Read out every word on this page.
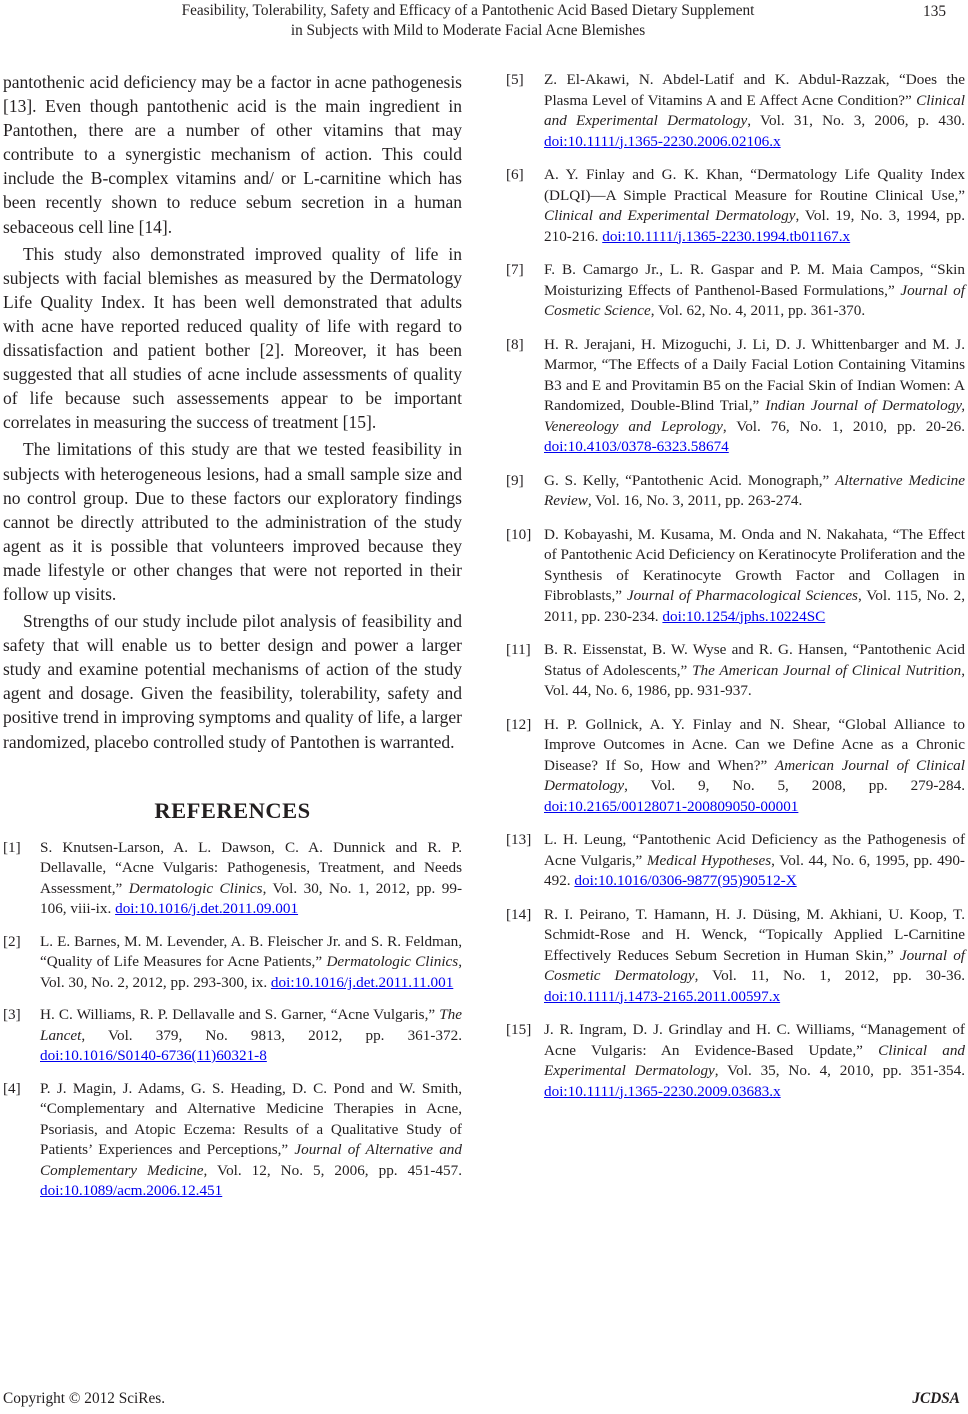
Feasibility, Tolerability, Safety and Efficacy of a Pantothenic Acid Based Dietary Supplement
in Subjects with Mild to Moderate Facial Acne Blemishes
135

pantothenic acid deficiency may be a factor in acne pathogenesis [13]. Even though pantothenic acid is the main ingredient in Pantothen, there are a number of other vitamins that may contribute to a synergistic mechanism of action. This could include the B-complex vitamins and/ or L-carnitine which has been recently shown to reduce sebum secretion in a human sebaceous cell line [14].

This study also demonstrated improved quality of life in subjects with facial blemishes as measured by the Dermatology Life Quality Index. It has been well demonstrated that adults with acne have reported reduced quality of life with regard to dissatisfaction and patient bother [2]. Moreover, it has been suggested that all studies of acne include assessments of quality of life because such assessements appear to be important correlates in measuring the success of treatment [15].

The limitations of this study are that we tested feasibility in subjects with heterogeneous lesions, had a small sample size and no control group. Due to these factors our exploratory findings cannot be directly attributed to the administration of the study agent as it is possible that volunteers improved because they made lifestyle or other changes that were not reported in their follow up visits.

Strengths of our study include pilot analysis of feasibility and safety that will enable us to better design and power a larger study and examine potential mechanisms of action of the study agent and dosage. Given the feasibility, tolerability, safety and positive trend in improving symptoms and quality of life, a larger randomized, placebo controlled study of Pantothen is warranted.

REFERENCES
[1]	S. Knutsen-Larson, A. L. Dawson, C. A. Dunnick and R. P. Dellavalle, “Acne Vulgaris: Pathogenesis, Treatment, and Needs Assessment,” Dermatologic Clinics, Vol. 30, No. 1, 2012, pp. 99-106, viii-ix. doi:10.1016/j.det.2011.09.001
[2]	L. E. Barnes, M. M. Levender, A. B. Fleischer Jr. and S. R. Feldman, “Quality of Life Measures for Acne Patients,” Dermatologic Clinics, Vol. 30, No. 2, 2012, pp. 293-300, ix. doi:10.1016/j.det.2011.11.001
[3]	H. C. Williams, R. P. Dellavalle and S. Garner, “Acne Vulgaris,” The Lancet, Vol. 379, No. 9813, 2012, pp. 361-372. doi:10.1016/S0140-6736(11)60321-8
[4]	P. J. Magin, J. Adams, G. S. Heading, D. C. Pond and W. Smith, “Complementary and Alternative Medicine Therapies in Acne, Psoriasis, and Atopic Eczema: Results of a Qualitative Study of Patients’ Experiences and Perceptions,” Journal of Alternative and Complementary Medicine, Vol. 12, No. 5, 2006, pp. 451-457. doi:10.1089/acm.2006.12.451
[5]	Z. El-Akawi, N. Abdel-Latif and K. Abdul-Razzak, “Does the Plasma Level of Vitamins A and E Affect Acne Condition?” Clinical and Experimental Dermatology, Vol. 31, No. 3, 2006, p. 430. doi:10.1111/j.1365-2230.2006.02106.x
[6]	A. Y. Finlay and G. K. Khan, “Dermatology Life Quality Index (DLQI)—A Simple Practical Measure for Routine Clinical Use,” Clinical and Experimental Dermatology, Vol. 19, No. 3, 1994, pp. 210-216. doi:10.1111/j.1365-2230.1994.tb01167.x
[7]	F. B. Camargo Jr., L. R. Gaspar and P. M. Maia Campos, “Skin Moisturizing Effects of Panthenol-Based Formulations,” Journal of Cosmetic Science, Vol. 62, No. 4, 2011, pp. 361-370.
[8]	H. R. Jerajani, H. Mizoguchi, J. Li, D. J. Whittenbarger and M. J. Marmor, “The Effects of a Daily Facial Lotion Containing Vitamins B3 and E and Provitamin B5 on the Facial Skin of Indian Women: A Randomized, Double-Blind Trial,” Indian Journal of Dermatology, Venereology and Leprology, Vol. 76, No. 1, 2010, pp. 20-26. doi:10.4103/0378-6323.58674
[9]	G. S. Kelly, “Pantothenic Acid. Monograph,” Alternative Medicine Review, Vol. 16, No. 3, 2011, pp. 263-274.
[10] D. Kobayashi, M. Kusama, M. Onda and N. Nakahata, “The Effect of Pantothenic Acid Deficiency on Keratinocyte Proliferation and the Synthesis of Keratinocyte Growth Factor and Collagen in Fibroblasts,” Journal of Pharmacological Sciences, Vol. 115, No. 2, 2011, pp. 230-234. doi:10.1254/jphs.10224SC
[11] B. R. Eissenstat, B. W. Wyse and R. G. Hansen, “Pantothenic Acid Status of Adolescents,” The American Journal of Clinical Nutrition, Vol. 44, No. 6, 1986, pp. 931-937.
[12] H. P. Gollnick, A. Y. Finlay and N. Shear, “Global Alliance to Improve Outcomes in Acne. Can we Define Acne as a Chronic Disease? If So, How and When?” American Journal of Clinical Dermatology, Vol. 9, No. 5, 2008, pp. 279-284. doi:10.2165/00128071-200809050-00001
[13] L. H. Leung, “Pantothenic Acid Deficiency as the Pathogenesis of Acne Vulgaris,” Medical Hypotheses, Vol. 44, No. 6, 1995, pp. 490-492. doi:10.1016/0306-9877(95)90512-X
[14] R. I. Peirano, T. Hamann, H. J. Düsing, M. Akhiani, U. Koop, T. Schmidt-Rose and H. Wenck, “Topically Applied L-Carnitine Effectively Reduces Sebum Secretion in Human Skin,” Journal of Cosmetic Dermatology, Vol. 11, No. 1, 2012, pp. 30-36. doi:10.1111/j.1473-2165.2011.00597.x
[15] J. R. Ingram, D. J. Grindlay and H. C. Williams, “Management of Acne Vulgaris: An Evidence-Based Update,” Clinical and Experimental Dermatology, Vol. 35, No. 4, 2010, pp. 351-354. doi:10.1111/j.1365-2230.2009.03683.x
Copyright © 2012 SciRes.	JCDSA
